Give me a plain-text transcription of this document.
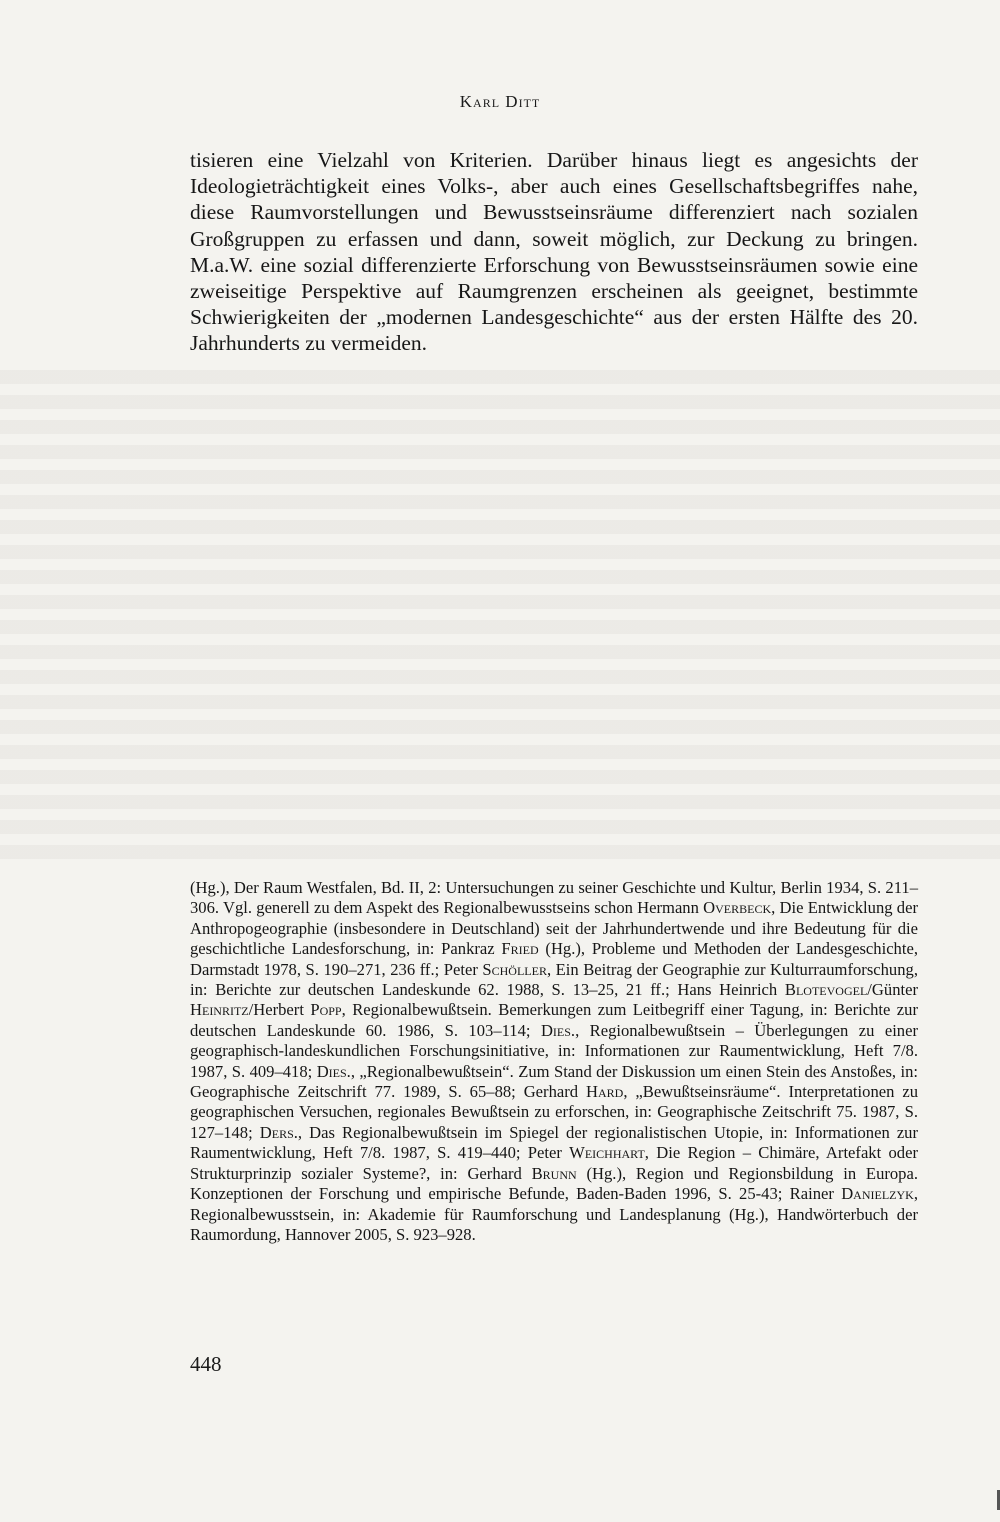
Karl Ditt

tisieren eine Vielzahl von Kriterien. Darüber hinaus liegt es angesichts der Ideologieträchtigkeit eines Volks-, aber auch eines Gesellschaftsbegriffes nahe, diese Raumvorstellungen und Bewusstseinsräume differenziert nach sozialen Großgruppen zu erfassen und dann, soweit möglich, zur Deckung zu bringen. M.a.W. eine sozial differenzierte Erforschung von Bewusstseinsräumen sowie eine zweiseitige Perspektive auf Raumgrenzen erscheinen als geeignet, bestimmte Schwierigkeiten der „modernen Landesgeschichte“ aus der ersten Hälfte des 20. Jahrhunderts zu vermeiden.

(Hg.), Der Raum Westfalen, Bd. II, 2: Untersuchungen zu seiner Geschichte und Kultur, Berlin 1934, S. 211–306. Vgl. generell zu dem Aspekt des Regionalbewusstseins schon Hermann Overbeck, Die Entwicklung der Anthropogeographie (insbesondere in Deutschland) seit der Jahrhundertwende und ihre Bedeutung für die geschichtliche Landesforschung, in: Pankraz Fried (Hg.), Probleme und Methoden der Landesgeschichte, Darmstadt 1978, S. 190–271, 236 ff.; Peter Schöller, Ein Beitrag der Geographie zur Kulturraumforschung, in: Berichte zur deutschen Landeskunde 62. 1988, S. 13–25, 21 ff.; Hans Heinrich Blotevogel/Günter Heinritz/Herbert Popp, Regionalbewußtsein. Bemerkungen zum Leitbegriff einer Tagung, in: Berichte zur deutschen Landeskunde 60. 1986, S. 103–114; Dies., Regionalbewußtsein – Überlegungen zu einer geographisch-landeskundlichen Forschungsinitiative, in: Informationen zur Raumentwicklung, Heft 7/8. 1987, S. 409–418; Dies., „Regionalbewußtsein“. Zum Stand der Diskussion um einen Stein des Anstoßes, in: Geographische Zeitschrift 77. 1989, S. 65–88; Gerhard Hard, „Bewußtseinsräume“. Interpretationen zu geographischen Versuchen, regionales Bewußtsein zu erforschen, in: Geographische Zeitschrift 75. 1987, S. 127–148; Ders., Das Regionalbewußtsein im Spiegel der regionalistischen Utopie, in: Informationen zur Raumentwicklung, Heft 7/8. 1987, S. 419–440; Peter Weichhart, Die Region – Chimäre, Artefakt oder Strukturprinzip sozialer Systeme?, in: Gerhard Brunn (Hg.), Region und Regionsbildung in Europa. Konzeptionen der Forschung und empirische Befunde, Baden-Baden 1996, S. 25-43; Rainer Danielzyk, Regionalbewusstsein, in: Akademie für Raumforschung und Landesplanung (Hg.), Handwörterbuch der Raumordung, Hannover 2005, S. 923–928.

448
